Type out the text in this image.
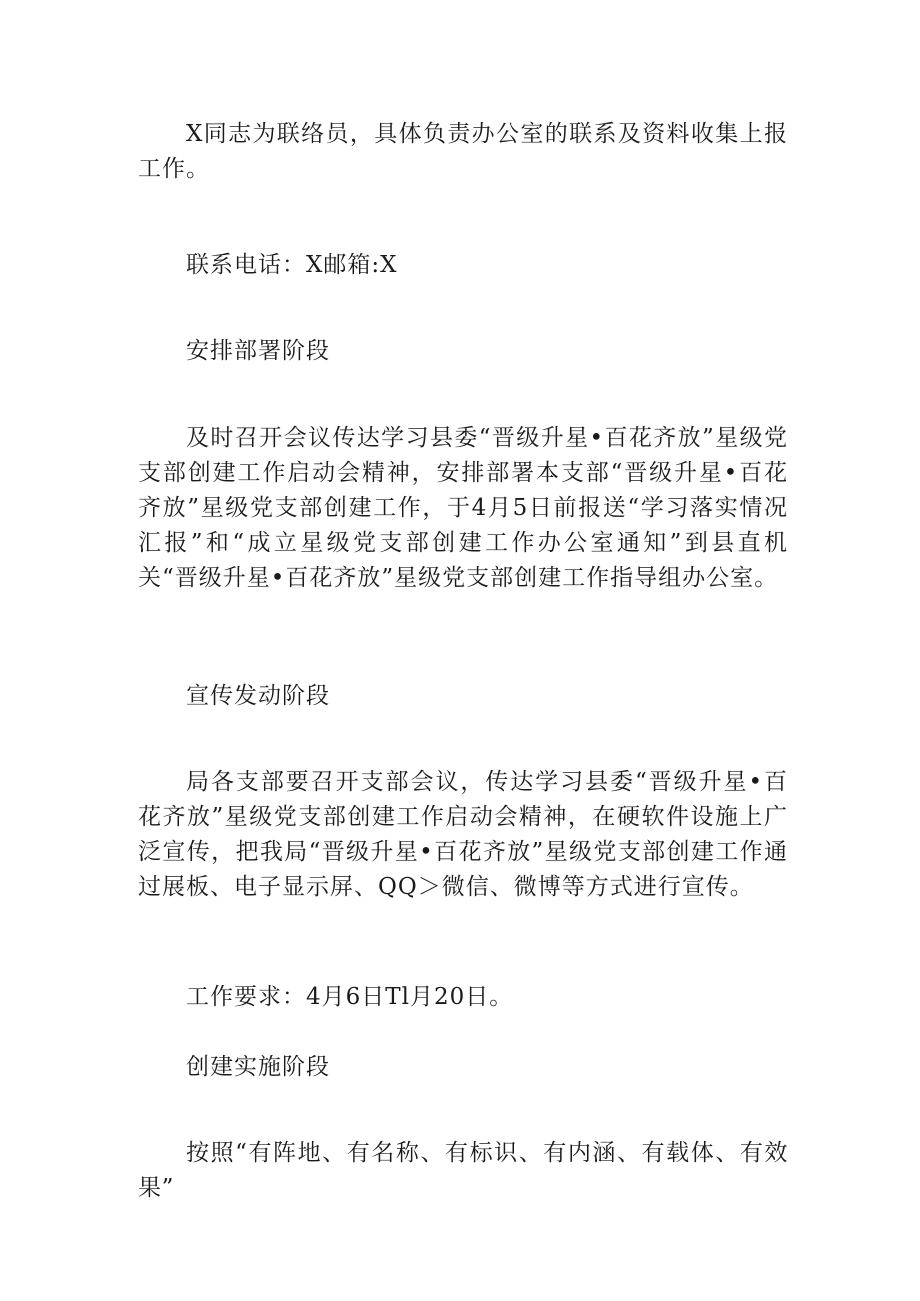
X同志为联络员，具体负责办公室的联系及资料收集上报工作。

联系电话：X邮箱:X

安排部署阶段

及时召开会议传达学习县委“晋级升星•百花齐放”星级党支部创建工作启动会精神，安排部署本支部“晋级升星•百花齐放”星级党支部创建工作，于4月5日前报送“学习落实情况汇报”和“成立星级党支部创建工作办公室通知”到县直机关“晋级升星•百花齐放”星级党支部创建工作指导组办公室。

宣传发动阶段

局各支部要召开支部会议，传达学习县委“晋级升星•百花齐放”星级党支部创建工作启动会精神，在硬软件设施上广泛宣传，把我局“晋级升星•百花齐放”星级党支部创建工作通过展板、电子显示屏、QQ＞微信、微博等方式进行宣传。

工作要求：4月6日Tl月20日。

创建实施阶段

按照“有阵地、有名称、有标识、有内涵、有载体、有效果”
